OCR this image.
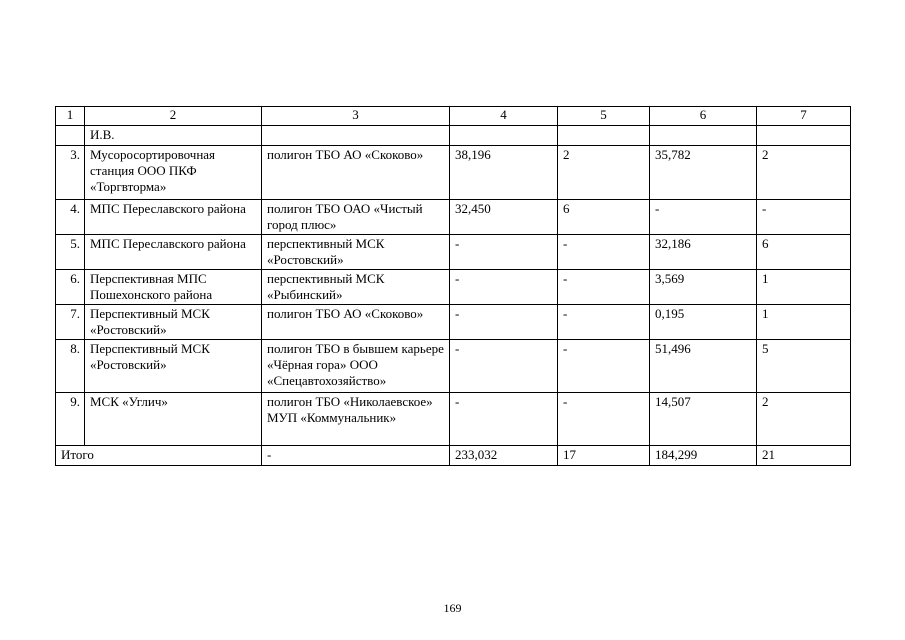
1	2	3	4	5	6	7
	И.В.					
3.	Мусоросортировочная станция ООО ПКФ «Торгвторма»	полигон ТБО АО «Скоково»	38,196	2	35,782	2
4.	МПС Переславского района	полигон ТБО ОАО «Чистый город плюс»	32,450	6	-	-
5.	МПС Переславского района	перспективный МСК «Ростовский»	-	-	32,186	6
6.	Перспективная МПС Пошехонского района	перспективный МСК «Рыбинский»	-	-	3,569	1
7.	Перспективный МСК «Ростовский»	полигон ТБО АО «Скоково»	-	-	0,195	1
8.	Перспективный МСК «Ростовский»	полигон ТБО в бывшем карьере «Чёрная гора» ООО «Спецавтохозяйство»	-	-	51,496	5
9.	МСК «Углич»	полигон ТБО «Николаевское» МУП «Коммунальник»	-	-	14,507	2
Итого		-	233,032	17	184,299	21
169
